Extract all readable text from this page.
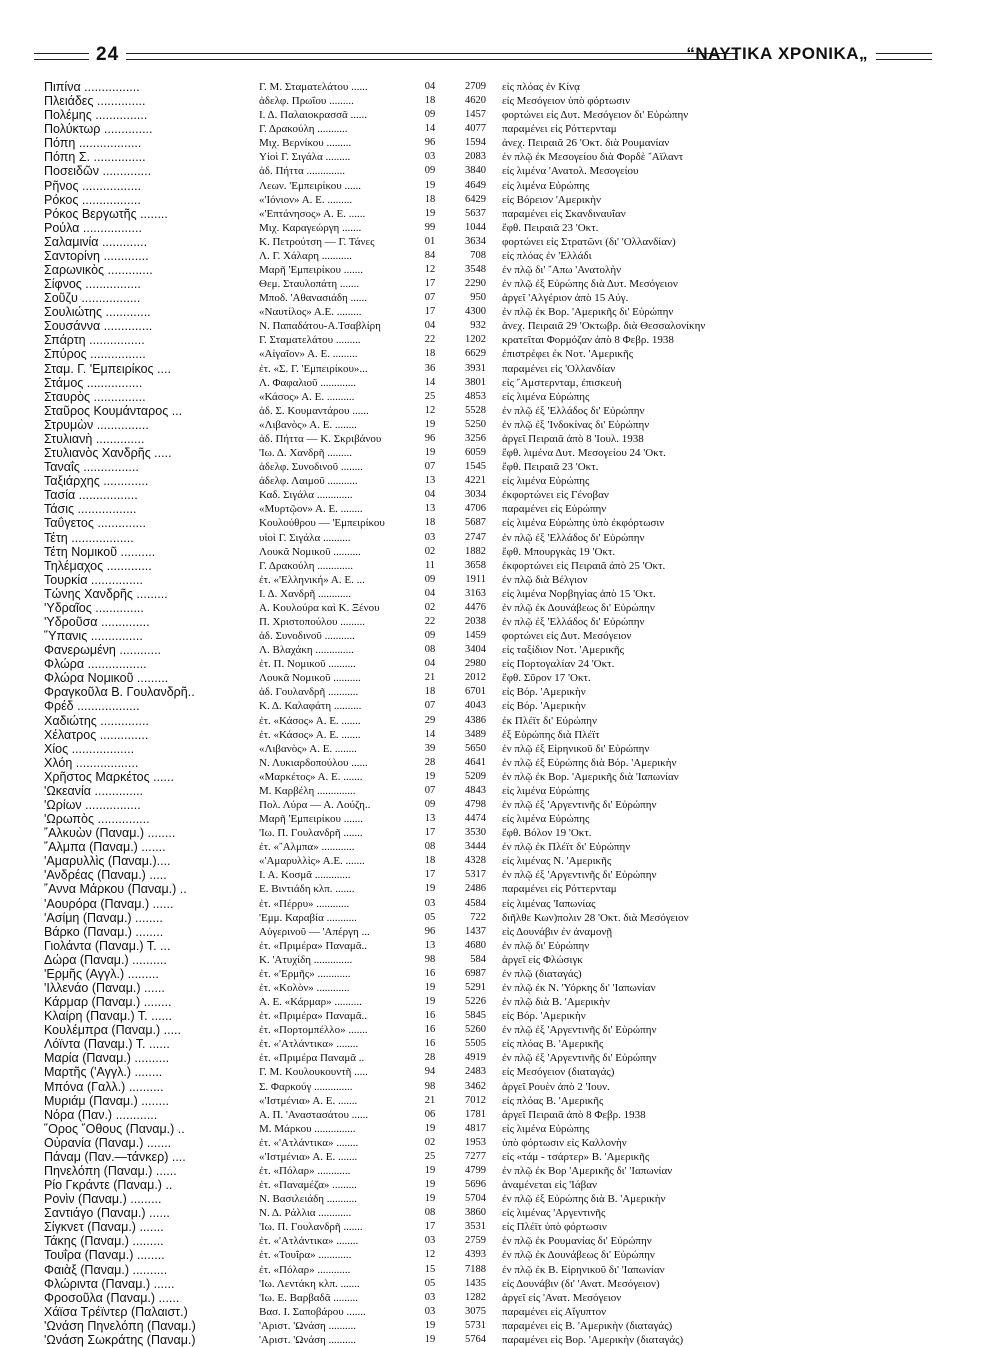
24	“ΝΑΥΤΙΚΑ ΧΡΟΝΙΚΑ„
Πιπίνα ................	Γ. Μ. Σταματελάτου ......	04	2709 εἰς πλόας ἐν Κίνᾳ
Πλειάδες ..............	ἀδελφ. Πρωΐου .........	18	4620 εἰς Μεσόγειον ὑπὸ φόρτωσιν
Πολέμης ...............	Ι. Δ. Παλαιοκρασσᾶ ......	09	1457 φορτώνει εἰς Δυτ. Μεσόγειον δι' Εὐρώπην
Πολύκτωρ ..............	Γ. Δρακούλη ...........	14	4077 παραμένει εἰς Ρόττερνταμ
Πόπη ..................	Μιχ. Βερνίκου .........	96	1594 ἀνεχ. Πειραιᾶ 26 'Οκτ. διὰ Ρουμανίαν
Πόπη Σ. ...............	Υἱοὶ Γ. Σιγάλα .........	03	2083 ἐν πλῷ ἐκ Μεσογείου διὰ Φορδὲ ῎Αϊλαντ
Ποσειδῶν ..............	ἀδ. Πήττα ..............	09	3840 εἰς λιμένα 'Ανατολ. Μεσογείου
Ρῆνος .................	Λεων. 'Εμπειρίκου ......	19	4649 εἰς λιμένα Εὐρώπης
Ρόκος .................	«'Ιόνιον» Α. Ε. .........	18	6429 εἰς Βόρειον 'Αμερικὴν
Ρόκος Βεργωτῆς ........	«'Επτάνησος» Α. Ε. ......	19	5637 παραμένει εἰς Σκανδιναυΐαν
Ρούλα .................	Μιχ. Καραγεώργη .......	99	1044 ἔφθ. Πειραιᾶ 23 'Οκτ.
Σαλαμινία .............	Κ. Πετρούτση — Γ. Τάνες	01	3634 φορτώνει εἰς Στρατῶνι (δι' 'Ολλανδίαν)
Σαντορίνη .............	Λ. Γ. Χάλαρη ...........	84	708 εἰς πλόας ἐν 'Ελλάδι
Σαρωνικὸς .............	Μαρῆ 'Εμπειρίκου .......	12	3548 ἐν πλῷ δι' ῎Απω 'Ανατολὴν
Σίφνος ................	Θεμ. Σταυλοπάτη .......	17	2290 ἐν πλῷ ἐξ Εὐρώπης διὰ Δυτ. Μεσόγειον
Σοῦζυ .................	Μποδ. 'Αθανασιάδη ......	07	950 ἀργεῖ 'Αλγέριον ἀπὸ 15 Αὐγ.
Σουλιώτης .............	«Ναυτίλος» Α.Ε. .........	17	4300 ἐν πλῷ ἐκ Βορ. 'Αμερικῆς δι' Εὐρώπην
Σουσάννα ..............	Ν. Παπαδάτου-Α.Τσαβλίρη	04	932 ἀνεχ. Πειραιᾶ 29 'Οκτωβρ. διὰ Θεσσαλονίκην
Σπάρτη ................	Γ. Σταματελάτου .........	22	1202 κρατεῖται Φορμόζαν ἀπὸ 8 Φεβρ. 1938
Σπύρος ................	«Αἰγαῖον» Α. Ε. .........	18	6629 ἐπιστρέφει ἐκ Νοτ. 'Αμερικῆς
Σταμ. Γ. 'Εμπειρίκος ....	ἐτ. «Σ. Γ. 'Εμπειρίκου»...	36	3931 παραμένει εἰς 'Ολλανδίαν
Στάμος ................	Λ. Φαφαλιοῦ .............	14	3801 εἰς ῎Αμστερνταμ, ἐπισκευὴ
Σταυρὸς ...............	«Κάσος» Α. Ε. ..........	25	4853 εἰς λιμένα Εὐρώπης
Σταῦρος Κουμάνταρος ...	ἀδ. Σ. Κουμαντάρου ......	12	5528 ἐν πλῷ ἐξ 'Ελλάδος δι' Εὐρώπην
Στρυμὼν ...............	«Λιβανὸς» Α. Ε. ........	19	5250 ἐν πλῷ ἐξ 'Ινδοκίνας δι' Εὐρώπην
Στυλιανὴ ..............	ἀδ. Πήττα — Κ. Σκριβάνου	96	3256 ἀργεῖ Πειραιᾶ ἀπὸ 8 'Ιουλ. 1938
Στυλιανὸς Χανδρῆς .....	'Ιω. Δ. Χανδρῆ .........	19	6059 ἔφθ. λιμένα Δυτ. Μεσογείου 24 'Οκτ.
Ταναΐς ................	ἀδελφ. Συνοδινοῦ ........	07	1545 ἔφθ. Πειραιᾶ 23 'Οκτ.
Ταξιάρχης .............	ἀδελφ. Λαιμοῦ ...........	13	4221 εἰς λιμένα Εὐρώπης
Τασία .................	Καδ. Σιγάλα .............	04	3034 ἐκφορτώνει εἰς Γένοβαν
Τάσις .................	«Μυρτῷον» Α. Ε. ........	13	4706 παραμένει εἰς Εὐρώπην
Ταΰγετος ..............	Κουλούθρου — 'Εμπειρίκου	18	5687 εἰς λιμένα Εὐρώπης ὑπὸ ἐκφόρτωσιν
Τέτη ..................	υἱοὶ Γ. Σιγάλα ..........	03	2747 ἐν πλῷ ἐξ 'Ελλάδος δι' Εὐρώπην
Τέτη Νομικοῦ ..........	Λουκᾶ Νομικοῦ ..........	02	1882 ἔφθ. Μπουργκὰς 19 'Οκτ.
Τηλέμαχος .............	Γ. Δρακούλη .............	11	3658 ἐκφορτώνει εἰς Πειραιᾶ ἀπὸ 25 'Οκτ.
Τουρκία ...............	ἐτ. «'Ελληνική» Α. Ε. ...	09	1911 ἐν πλῷ διὰ Βέλγιον
Τώνης Χανδρῆς .........	Ι. Δ. Χανδρῆ ............	04	3163 εἰς λιμένα Νορβηγίας ἀπὸ 15 'Οκτ.
'Υδραῖος ..............	Α. Κουλούρα καὶ Κ. Ξένου	02	4476 ἐν πλῷ ἐκ Δουνάβεως δι' Εὐρώπην
'Υδροῦσα ..............	Π. Χριστοπούλου .........	22	2038 ἐν πλῷ ἐξ 'Ελλάδος δι' Εὐρώπην
῞Υπανις ...............	ἀδ. Συνοδινοῦ ...........	09	1459 φορτώνει εἰς Δυτ. Μεσόγειον
Φανερωμένη ............	Λ. Βλαχάκη ..............	08	3404 εἰς ταξίδιον Νοτ. 'Αμερικῆς
Φλώρα .................	ἐτ. Π. Νομικοῦ ..........	04	2980 εἰς Πορτογαλίαν 24 'Οκτ.
Φλώρα Νομικοῦ .........	Λουκᾶ Νομικοῦ ..........	21	2012 ἔφθ. Σῦρον 17 'Οκτ.
Φραγκοῦλα Β. Γουλανδρῆ..	ἀδ. Γουλανδρῆ ...........	18	6701 εἰς Βόρ. 'Αμερικὴν
Φρέδ ..................	Κ. Δ. Καλαφάτη ..........	07	4043 εἰς Βόρ. 'Αμερικὴν
Χαδιώτης ..............	ἐτ. «Κάσος» Α. Ε. .......	29	4386 ἐκ Πλέϊτ δι' Εὐρώπην
Χέλατρος ..............	ἐτ. «Κάσος» Α. Ε. .......	14	3489 ἐξ Εὐρώπης διὰ Πλέϊτ
Χίος ..................	«Λιβανὸς» Α. Ε. ........	39	5650 ἐν πλῷ ἐξ Εἰρηνικοῦ δι' Εὐρώπην
Χλόη ..................	Ν. Λυκιαρδοπούλου ......	28	4641 ἐν πλῷ ἐξ Εὐρώπης διὰ Βόρ. 'Αμερικὴν
Χρῆστος Μαρκέτος ......	«Μαρκέτος» Α. Ε. .......	19	5209 ἐν πλῷ ἐκ Βορ. 'Αμερικῆς διὰ 'Ιαπωνίαν
'Ωκεανία ..............	Μ. Καρβέλη ..............	07	4843 εἰς λιμένα Εὐρώπης
'Ωρίων ................	Πολ. Λύρα — Α. Λούζη..	09	4798 ἐν πλῷ ἐξ 'Αργεντινῆς δι' Εὐρώπην
'Ωρωπὸς ...............	Μαρῆ 'Εμπειρίκου .......	13	4474 εἰς λιμένα Εὐρώπης
῎Αλκυὼν (Παναμ.) ........	'Ιω. Π. Γουλανδρῆ .......	17	3530 ἔφθ. Βόλον 19 'Οκτ.
῎Αλμπα (Παναμ.) .......	ἐτ. «῎Αλμπα» ............	08	3444 ἐν πλῷ ἐκ Πλέϊτ δι' Εὐρώπην
'Αμαρυλλὶς (Παναμ.)....	«'Αμαρυλλὶς» Α.Ε. .......	18	4328 εἰς λιμένας Ν. 'Αμερικῆς
'Ανδρέας (Παναμ.) .....	Ι. Α. Κοσμᾶ .............	17	5317 ἐν πλῷ ἐξ 'Αργεντινῆς δι' Εὐρώπην
῎Αννα Μάρκου (Παναμ.) ..	Ε. Βιντιάδη κλπ. .......	19	2486 παραμένει εἰς Ρόττερνταμ
'Αουρόρα (Παναμ.) ......	ἐτ. «Πέρρυ» ............	03	4584 εἰς λιμένας 'Ιαπωνίας
'Ασίμη (Παναμ.) ........	'Εμμ. Καραβία ...........	05	722 διῆλθε Κων)πολιν 28 'Οκτ. διὰ Μεσόγειον
Βάρκο (Παναμ.) ........	Αὐγερινοῦ — 'Απέργη ...	96	1437 εἰς Δουνάβιν ἐν ἀναμονῇ
Γιολάντα (Παναμ.) Τ. ...	ἐτ. «Πριμέρα» Παναμᾶ..	13	4680 ἐν πλῷ δι' Εὐρώπην
Δώρα (Παναμ.) ..........	Κ. 'Ατυχίδη ..............	98	584 ἀργεῖ εἰς Φλώσιγκ
'Ερμῆς (Αγγλ.) .........	ἐτ. «'Ερμῆς» ............	16	6987 ἐν πλῷ (διαταγάς)
'Ιλλενάο (Παναμ.) ......	ἐτ. «Κολὸν» ............	19	5291 ἐν πλῷ ἐκ Ν. 'Υόρκης δι' 'Ιαπωνίαν
Κάρμαρ (Παναμ.) ........	Α. Ε. «Κάρμαρ» ..........	19	5226 ἐν πλῷ διὰ Β. 'Αμερικὴν
Κλαίρη (Παναμ.) Τ. ......	ἐτ. «Πριμέρα» Παναμᾶ..	16	5845 εἰς Βόρ. 'Αμερικὴν
Κουλέμπρα (Παναμ.) .....	ἐτ. «Πορτομπέλλο» .......	16	5260 ἐν πλῷ ἐξ 'Αργεντινῆς δι' Εὐρώπην
Λόϊντα (Παναμ.) Τ. ......	ἐτ. «'Ατλάντικα» ........	16	5505 εἰς πλόας Β. 'Αμερικῆς
Μαρία (Παναμ.) ..........	ἐτ. «Πριμέρα Παναμᾶ ..	28	4919 ἐν πλῷ ἐξ 'Αργεντινῆς δι' Εὐρώπην
Μαρτῆς ('Αγγλ.) ........	Γ. Μ. Κουλουκουντῆ .....	94	2483 εἰς Μεσόγειον (διαταγάς)
Μπόνα (Γαλλ.) ..........	Σ. Φαρκούγ ..............	98	3462 ἀργεῖ Ρουὲν ἀπὸ 2 'Ιουν.
Μυριάμ (Παναμ.) ........	«'Ιστμένια» Α. Ε. .......	21	7012 εἰς πλόας Β. 'Αμερικῆς
Νόρα (Παν.) ............	Α. Π. 'Αναστασάτου ......	06	1781 ἀργεῖ Πειραιᾶ ἀπὸ 8 Φεβρ. 1938
῞Ορος ῎Οθους (Παναμ.) ..	Μ. Μάρκου ...............	19	4817 εἰς λιμένα Εὐρώπης
Οὐρανία (Παναμ.) .......	ἐτ. «'Ατλάντικα» ........	02	1953 ὑπὸ φόρτωσιν εἰς Καλλονὴν
Πάναμ (Παν.—τάνκερ) ....	«'Ιστμένια» Α. Ε. .......	25	7277 εἰς «τάμ - τσάρτερ» Β. 'Αμερικῆς
Πηνελόπη (Παναμ.) ......	ἐτ. «Πόλαρ» ............	19	4799 ἐν πλῷ ἐκ Βορ 'Αμερικῆς δι' 'Ιαπωνίαν
Ρίο Γκράντε (Παναμ.) ..	ἐτ. «Παναμέζα» .........	19	5696 ἀναμένεται εἰς 'Ιάβαν
Ρονὶν (Παναμ.) .........	Ν. Βασιλειάδη ...........	19	5704 ἐν πλῷ ἐξ Εὐρώπης διὰ Β. 'Αμερικὴν
Σαντιάγο (Παναμ.) ......	Ν. Δ. Ράλλια ............	08	3860 εἰς λιμένας 'Αργεντινῆς
Σίγκνετ (Παναμ.) .......	'Ιω. Π. Γουλανδρῆ .......	17	3531 εἰς Πλέϊτ ὑπὸ φόρτωσιν
Τάκης (Παναμ.) .........	ἐτ. «'Ατλάντικα» ........	03	2759 ἐν πλῷ ἐκ Ρουμανίας δι' Εὐρώπην
Τουΐρα (Παναμ.) ........	ἐτ. «Τουΐρα» ............	12	4393 ἐν πλῷ ἐκ Δουνάβεως δι' Εὐρώπην
Φαιὰξ (Παναμ.) ..........	ἐτ. «Πόλαρ» ............	15	7188 ἐν πλῷ ἐκ Β. Εἰρηνικοῦ δι' 'Ιαπωνίαν
Φλώριντα (Παναμ.) ......	'Ιω. Λεντάκη κλπ. .......	05	1435 εἰς Δουνάβιν (δι' 'Ανατ. Μεσόγειον)
Φροσοῦλα (Παναμ.) ......	'Ιω. Ε. Βαρβαδᾶ .........	03	1282 ἀργεῖ εἰς 'Ανατ. Μεσόγειον
Χάϊσα Τρέϊντερ (Παλαιστ.)	Βασ. Ι. Σαποβάρου .......	03	3075 παραμένει εἰς Αἴγυπτον
'Ωνάση Πηνελόπη (Παναμ.)	'Αριστ. 'Ωνάση ..........	19	5731 παραμένει εἰς Β. 'Αμερικὴν (διαταγάς)
'Ωνάση Σωκράτης (Παναμ.)	'Αριστ. 'Ωνάση ..........	19	5764 παραμένει εἰς Βορ. 'Αμερικὴν (διαταγάς)
